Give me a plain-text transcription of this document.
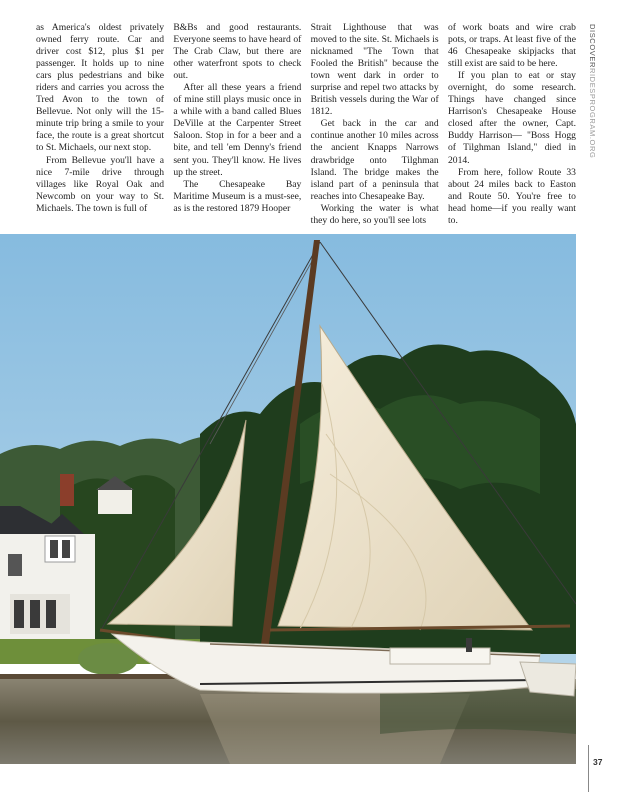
as America's oldest privately owned ferry route. Car and driver cost $12, plus $1 per passenger. It holds up to nine cars plus pedestrians and bike riders and carries you across the Tred Avon to the town of Bellevue. Not only will the 15-minute trip bring a smile to your face, the route is a great shortcut to St. Michaels, our next stop.

From Bellevue you'll have a nice 7-mile drive through villages like Royal Oak and Newcomb on your way to St. Michaels. The town is full of

B&Bs and good restaurants. Everyone seems to have heard of The Crab Claw, but there are other waterfront spots to check out.

After all these years a friend of mine still plays music once in a while with a band called Blues DeVille at the Carpenter Street Saloon. Stop in for a beer and a bite, and tell 'em Denny's friend sent you. They'll know. He lives up the street.

The Chesapeake Bay Maritime Museum is a must-see, as is the restored 1879 Hooper

Strait Lighthouse that was moved to the site. St. Michaels is nicknamed "The Town that Fooled the British" because the town went dark in order to surprise and repel two attacks by British vessels during the War of 1812.

Get back in the car and continue another 10 miles across the ancient Knapps Narrows drawbridge onto Tilghman Island. The bridge makes the island part of a peninsula that reaches into Chesapeake Bay.

Working the water is what they do here, so you'll see lots

of work boats and wire crab pots, or traps. At least five of the 46 Chesapeake skipjacks that still exist are said to be here.

If you plan to eat or stay overnight, do some research. Things have changed since Harrison's Chesapeake House closed after the owner, Capt. Buddy Harrison— "Boss Hogg of Tilghman Island," died in 2014.

From here, follow Route 33 about 24 miles back to Easton and Route 50. You're free to head home—if you really want to.

DISCOVERRIDESPROGRAM.ORG
37
